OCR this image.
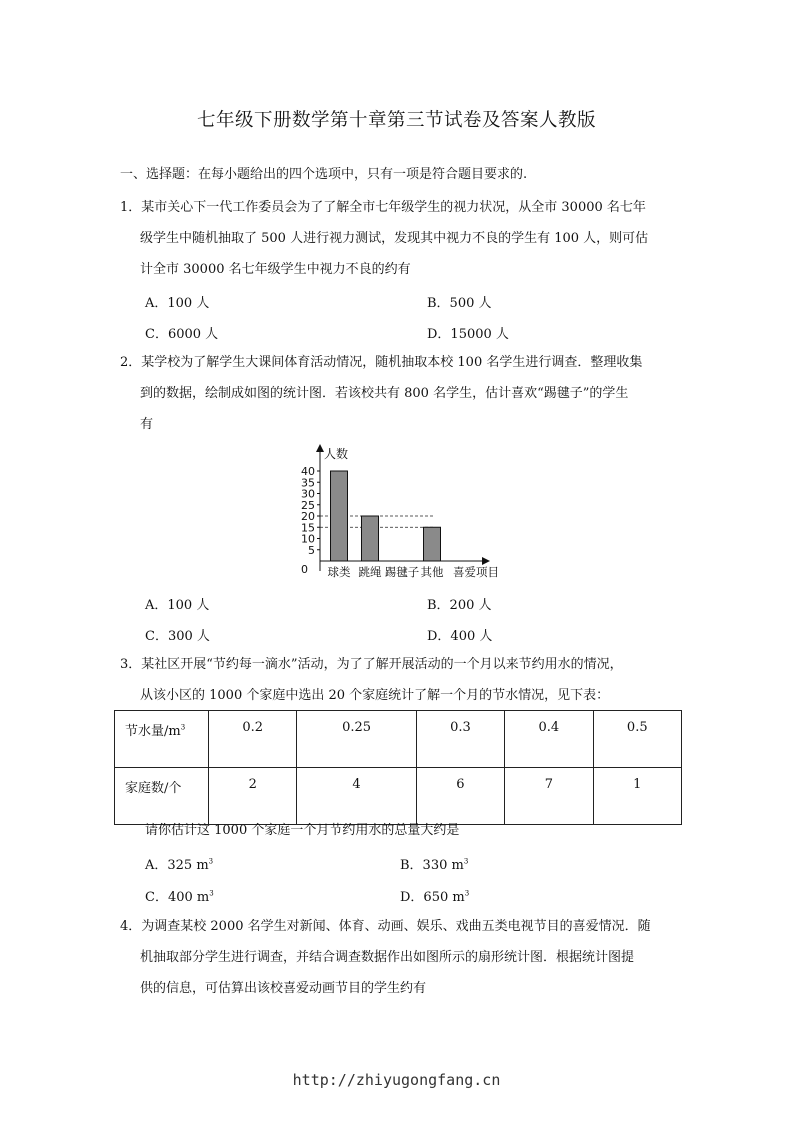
七年级下册数学第十章第三节试卷及答案人教版
一、选择题：在每小题给出的四个选项中，只有一项是符合题目要求的.
1．某市关心下一代工作委员会为了了解全市七年级学生的视力状况，从全市 30000 名七年
级学生中随机抽取了 500 人进行视力测试，发现其中视力不良的学生有 100 人，则可估
计全市 30000 名七年级学生中视力不良的约有
A．100 人	B．500 人
C．6000 人	D．15000 人
2．某学校为了解学生大课间体育活动情况，随机抽取本校 100 名学生进行调查．整理收集
到的数据，绘制成如图的统计图．若该校共有 800 名学生，估计喜欢“踢毽子”的学生
有
0
5
10
15
20
25
30
35
40
人数
球类 跳绳 踢毽子 其他 喜爱项目
A．100 人	B．200 人
C．300 人	D．400 人
3．某社区开展“节约每一滴水”活动，为了了解开展活动的一个月以来节约用水的情况，
从该小区的 1000 个家庭中选出 20 个家庭统计了解一个月的节水情况，见下表：
节水量$/m^3$	0.2	0.25	0.3	0.4	0.5
家庭数/个	2	4	6	7	1
请你估计这 1000 个家庭一个月节约用水的总量大约是
A．325 $m^3$	B．330 $m^3$
C．400 $m^3$	D．650 $m^3$
4．为调查某校 2000 名学生对新闻、体育、动画、娱乐、戏曲五类电视节目的喜爱情况．随
机抽取部分学生进行调查，并结合调查数据作出如图所示的扇形统计图．根据统计图提
供的信息，可估算出该校喜爱动画节目的学生约有
http://zhiyugongfang.cn
